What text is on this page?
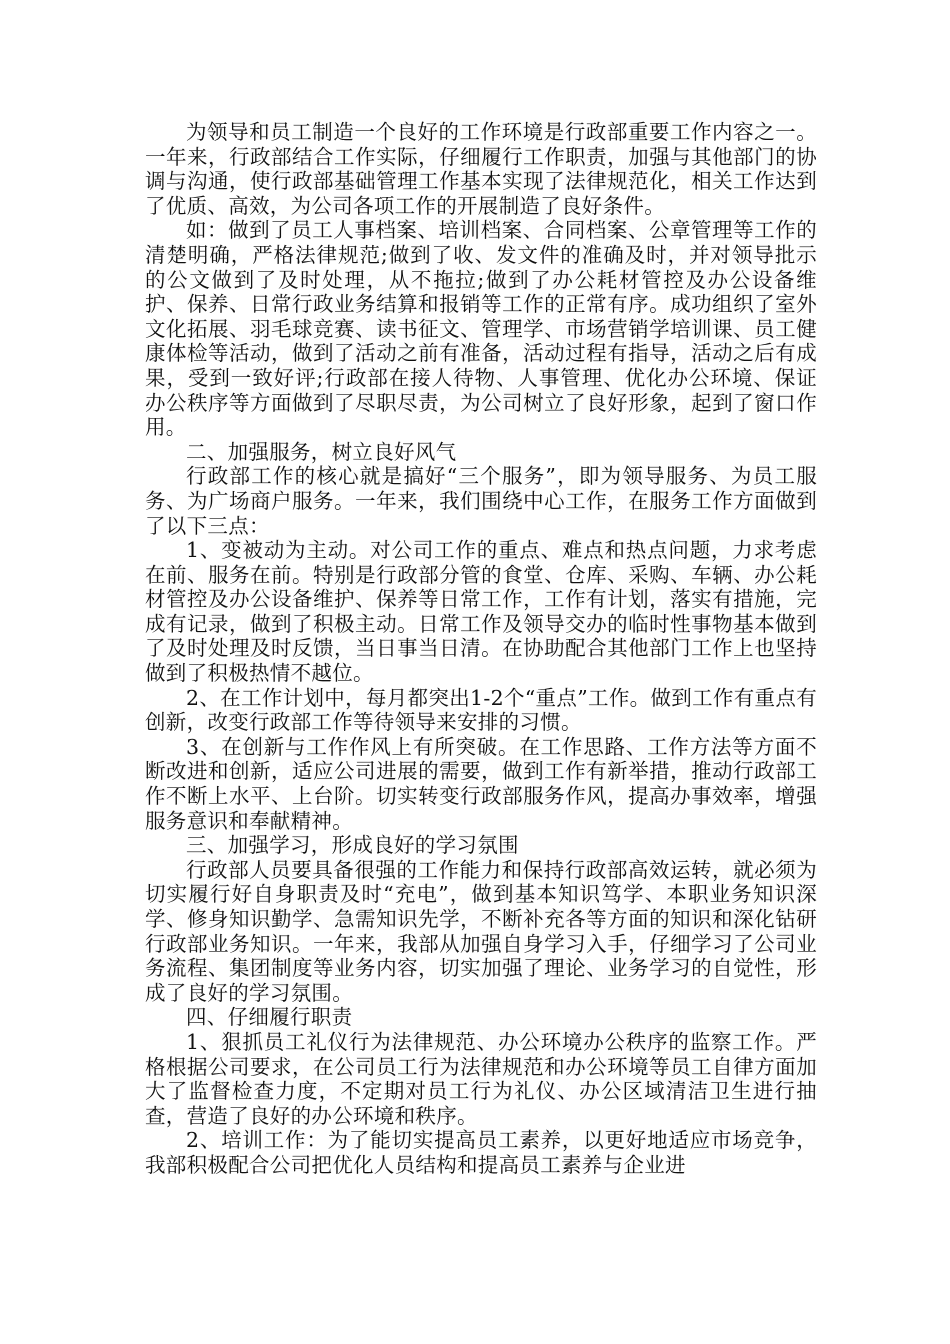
为领导和员工制造一个良好的工作环境是行政部重要工作内容之一。一年来，行政部结合工作实际，仔细履行工作职责，加强与其他部门的协调与沟通，使行政部基础管理工作基本实现了法律规范化，相关工作达到了优质、高效，为公司各项工作的开展制造了良好条件。

如：做到了员工人事档案、培训档案、合同档案、公章管理等工作的清楚明确，严格法律规范;做到了收、发文件的准确及时，并对领导批示的公文做到了及时处理，从不拖拉;做到了办公耗材管控及办公设备维护、保养、日常行政业务结算和报销等工作的正常有序。成功组织了室外文化拓展、羽毛球竞赛、读书征文、管理学、市场营销学培训课、员工健康体检等活动，做到了活动之前有准备，活动过程有指导，活动之后有成果，受到一致好评;行政部在接人待物、人事管理、优化办公环境、保证办公秩序等方面做到了尽职尽责，为公司树立了良好形象，起到了窗口作用。

二、加强服务，树立良好风气

行政部工作的核心就是搞好“三个服务”，即为领导服务、为员工服务、为广场商户服务。一年来，我们围绕中心工作，在服务工作方面做到了以下三点：

1、变被动为主动。对公司工作的重点、难点和热点问题，力求考虑在前、服务在前。特别是行政部分管的食堂、仓库、采购、车辆、办公耗材管控及办公设备维护、保养等日常工作，工作有计划，落实有措施，完成有记录，做到了积极主动。日常工作及领导交办的临时性事物基本做到了及时处理及时反馈，当日事当日清。在协助配合其他部门工作上也坚持做到了积极热情不越位。

2、在工作计划中，每月都突出1-2个“重点”工作。做到工作有重点有创新，改变行政部工作等待领导来安排的习惯。

3、在创新与工作作风上有所突破。在工作思路、工作方法等方面不断改进和创新，适应公司进展的需要，做到工作有新举措，推动行政部工作不断上水平、上台阶。切实转变行政部服务作风，提高办事效率，增强服务意识和奉献精神。

三、加强学习，形成良好的学习氛围

行政部人员要具备很强的工作能力和保持行政部高效运转，就必须为切实履行好自身职责及时“充电”，做到基本知识笃学、本职业务知识深学、修身知识勤学、急需知识先学，不断补充各等方面的知识和深化钻研行政部业务知识。一年来，我部从加强自身学习入手，仔细学习了公司业务流程、集团制度等业务内容，切实加强了理论、业务学习的自觉性，形成了良好的学习氛围。

四、仔细履行职责

1、狠抓员工礼仪行为法律规范、办公环境办公秩序的监察工作。严格根据公司要求，在公司员工行为法律规范和办公环境等员工自律方面加大了监督检查力度，不定期对员工行为礼仪、办公区域清洁卫生进行抽查，营造了良好的办公环境和秩序。

2、培训工作：为了能切实提高员工素养，以更好地适应市场竞争，我部积极配合公司把优化人员结构和提高员工素养与企业进
